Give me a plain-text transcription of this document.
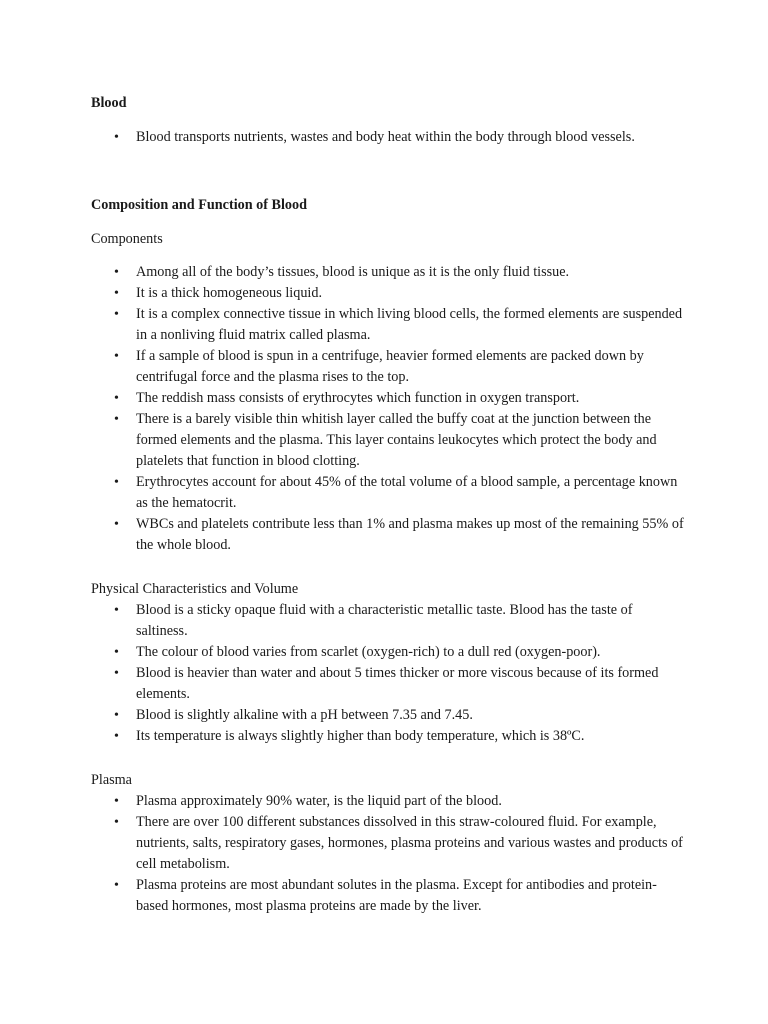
Blood

• Blood transports nutrients, wastes and body heat within the body through blood vessels.

Composition and Function of Blood

Components

• Among all of the body’s tissues, blood is unique as it is the only fluid tissue.
• It is a thick homogeneous liquid.
• It is a complex connective tissue in which living blood cells, the formed elements are suspended in a nonliving fluid matrix called plasma.
• If a sample of blood is spun in a centrifuge, heavier formed elements are packed down by centrifugal force and the plasma rises to the top.
• The reddish mass consists of erythrocytes which function in oxygen transport.
• There is a barely visible thin whitish layer called the buffy coat at the junction between the formed elements and the plasma. This layer contains leukocytes which protect the body and platelets that function in blood clotting.
• Erythrocytes account for about 45% of the total volume of a blood sample, a percentage known as the hematocrit.
• WBCs and platelets contribute less than 1% and plasma makes up most of the remaining 55% of the whole blood.

Physical Characteristics and Volume

• Blood is a sticky opaque fluid with a characteristic metallic taste. Blood has the taste of saltiness.
• The colour of blood varies from scarlet (oxygen-rich) to a dull red (oxygen-poor).
• Blood is heavier than water and about 5 times thicker or more viscous because of its formed elements.
• Blood is slightly alkaline with a pH between 7.35 and 7.45.
• Its temperature is always slightly higher than body temperature, which is 38ºC.

Plasma

• Plasma approximately 90% water, is the liquid part of the blood.
• There are over 100 different substances dissolved in this straw-coloured fluid. For example, nutrients, salts, respiratory gases, hormones, plasma proteins and various wastes and products of cell metabolism.
• Plasma proteins are most abundant solutes in the plasma. Except for antibodies and protein-based hormones, most plasma proteins are made by the liver.
